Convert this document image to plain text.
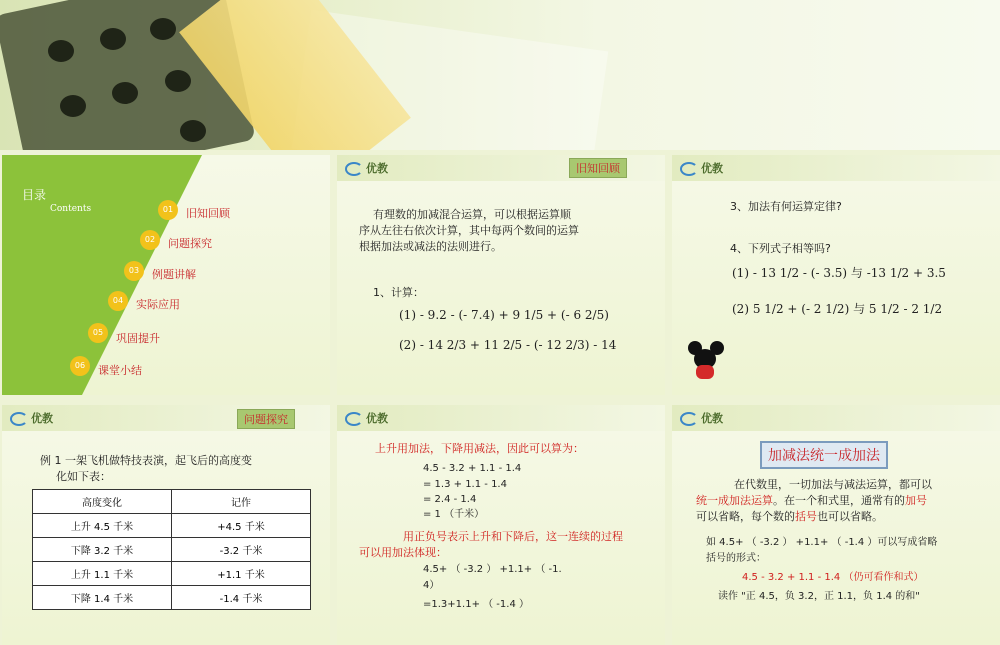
目录
Contents	01	旧知回顾
02	问题探究
03	例题讲解
04	实际应用
05	巩固提升
06	课堂小结
优教	旧知回顾
有理数的加减混合运算，可以根据运算顺
序从左往右依次计算，其中每两个数间的运算
根据加法或减法的法则进行。
1、计算：
(1) - 9.2 - (- 7.4) + 9 1/5 + (- 6 2/5)
(2) - 14 2/3 + 11 2/5 - (- 12 2/3) - 14
优教
3、加法有何运算定律?
4、下列式子相等吗?
(1) - 13 1/2 - (- 3.5) 与 -13 1/2 + 3.5
(2) 5 1/2 + (- 2 1/2) 与 5 1/2 - 2 1/2
优教	问题探究
例 1 一架飞机做特技表演，起飞后的高度变
化如下表：
高度变化	记作
上升 4.5 千米	+4.5 千米
下降 3.2 千米	-3.2 千米
上升 1.1 千米	+1.1 千米
下降 1.4 千米	-1.4 千米
优教
上升用加法，下降用减法，因此可以算为：
4.5 - 3.2 + 1.1 - 1.4
= 1.3 + 1.1 - 1.4
= 2.4 - 1.4
= 1 （千米）
用正负号表示上升和下降后，这一连续的过程
可以用加法体现：
4.5+ （ -3.2 ） +1.1+ （ -1.
4）
=1.3+1.1+ （ -1.4 ）
优教
加减法统一成加法
在代数里，一切加法与减法运算，都可以
统一成加法运算。在一个和式里，通常有的加号
可以省略，每个数的括号也可以省略。
如 4.5+ （ -3.2 ） +1.1+ （ -1.4 ）可以写成省略
括号的形式：
4.5 - 3.2 + 1.1 - 1.4 （仍可看作和式）
读作 "正 4.5，负 3.2，正 1.1，负 1.4 的和"
